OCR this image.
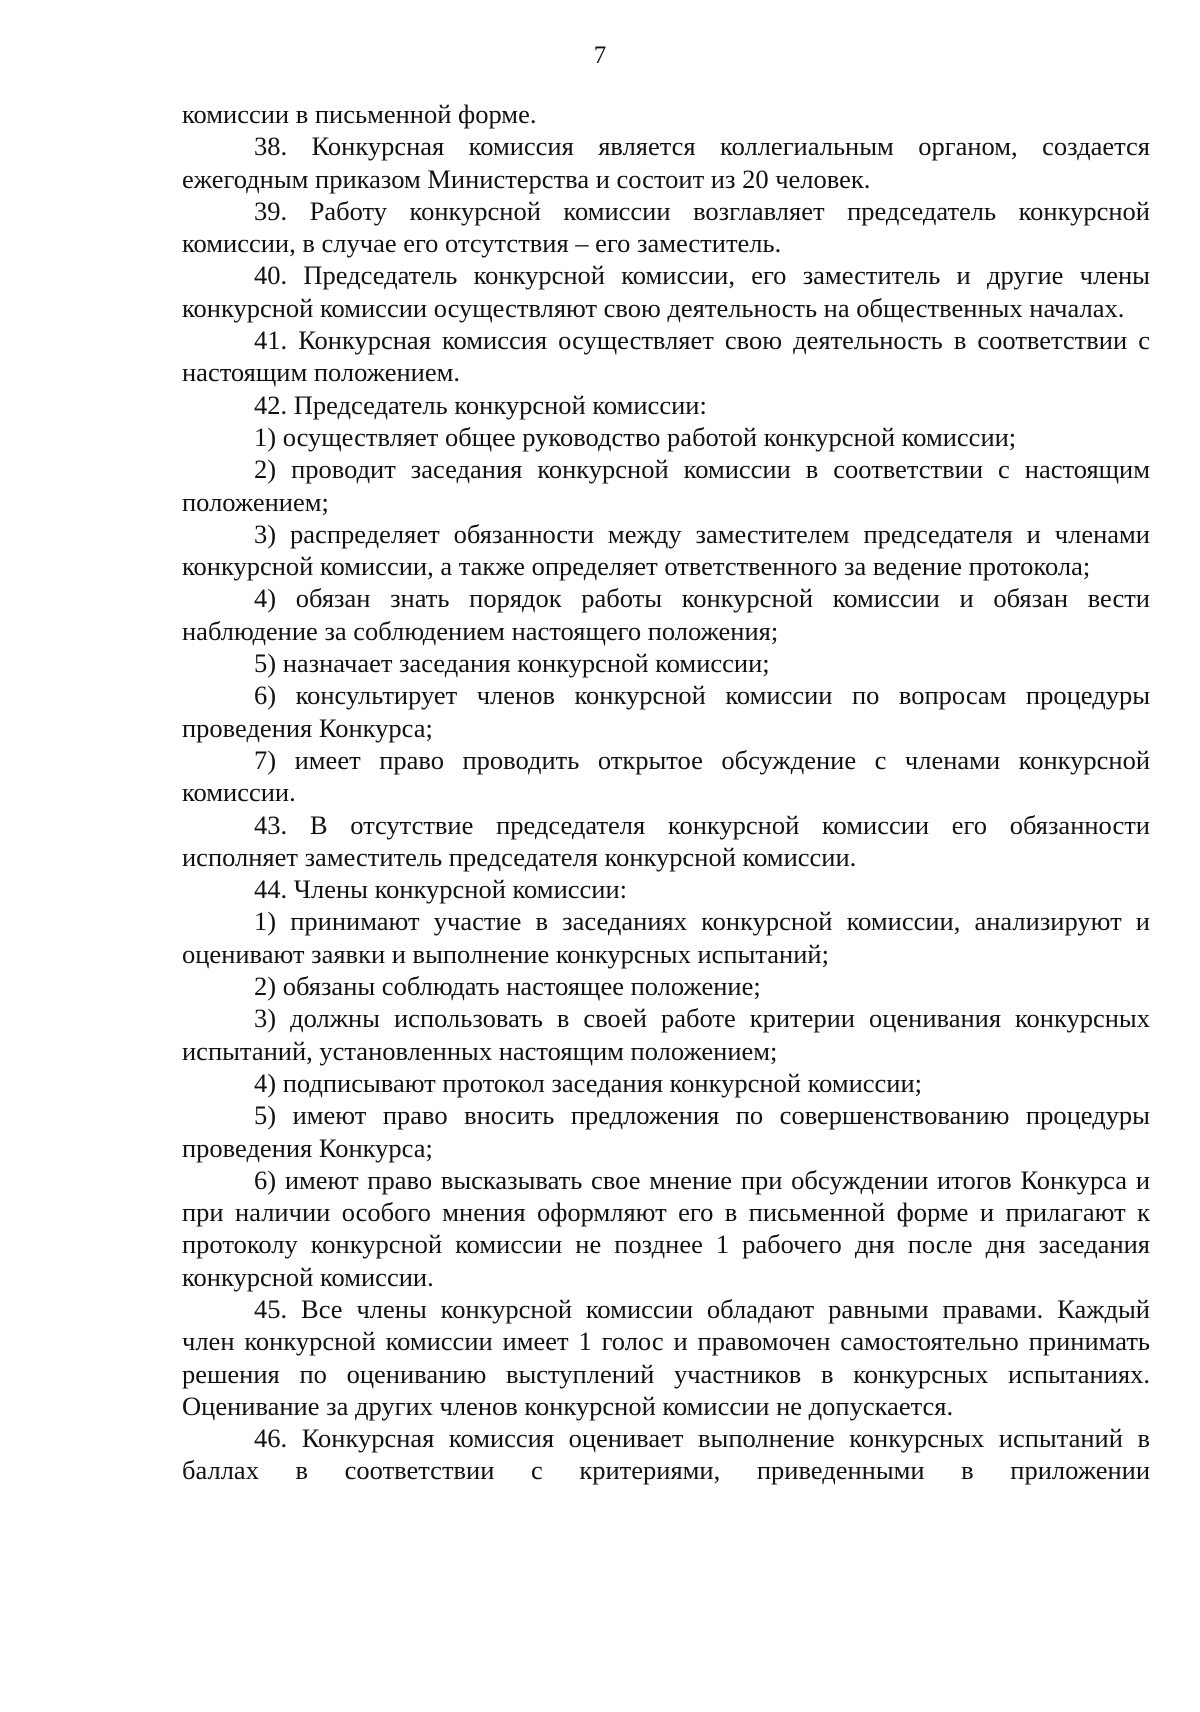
7

комиссии в письменной форме.

38. Конкурсная комиссия является коллегиальным органом, создается ежегодным приказом Министерства и состоит из 20 человек.

39. Работу конкурсной комиссии возглавляет председатель конкурсной комиссии, в случае его отсутствия – его заместитель.

40. Председатель конкурсной комиссии, его заместитель и другие члены конкурсной комиссии осуществляют свою деятельность на общественных началах.

41. Конкурсная комиссия осуществляет свою деятельность в соответствии с настоящим положением.

42. Председатель конкурсной комиссии:

1) осуществляет общее руководство работой конкурсной комиссии;

2) проводит заседания конкурсной комиссии в соответствии с настоящим положением;

3) распределяет обязанности между заместителем председателя и членами конкурсной комиссии, а также определяет ответственного за ведение протокола;

4) обязан знать порядок работы конкурсной комиссии и обязан вести наблюдение за соблюдением настоящего положения;

5) назначает заседания конкурсной комиссии;

6) консультирует членов конкурсной комиссии по вопросам процедуры проведения Конкурса;

7) имеет право проводить открытое обсуждение с членами конкурсной комиссии.

43. В отсутствие председателя конкурсной комиссии его обязанности исполняет заместитель председателя конкурсной комиссии.

44. Члены конкурсной комиссии:

1) принимают участие в заседаниях конкурсной комиссии, анализируют и оценивают заявки и выполнение конкурсных испытаний;

2) обязаны соблюдать настоящее положение;

3) должны использовать в своей работе критерии оценивания конкурсных испытаний, установленных настоящим положением;

4) подписывают протокол заседания конкурсной комиссии;

5) имеют право вносить предложения по совершенствованию процедуры проведения Конкурса;

6) имеют право высказывать свое мнение при обсуждении итогов Конкурса и при наличии особого мнения оформляют его в письменной форме и прилагают к протоколу конкурсной комиссии не позднее 1 рабочего дня после дня заседания конкурсной комиссии.

45. Все члены конкурсной комиссии обладают равными правами. Каждый член конкурсной комиссии имеет 1 голос и правомочен самостоятельно принимать решения по оцениванию выступлений участников в конкурсных испытаниях. Оценивание за других членов конкурсной комиссии не допускается.

46. Конкурсная комиссия оценивает выполнение конкурсных испытаний в баллах в соответствии с критериями, приведенными в приложении
